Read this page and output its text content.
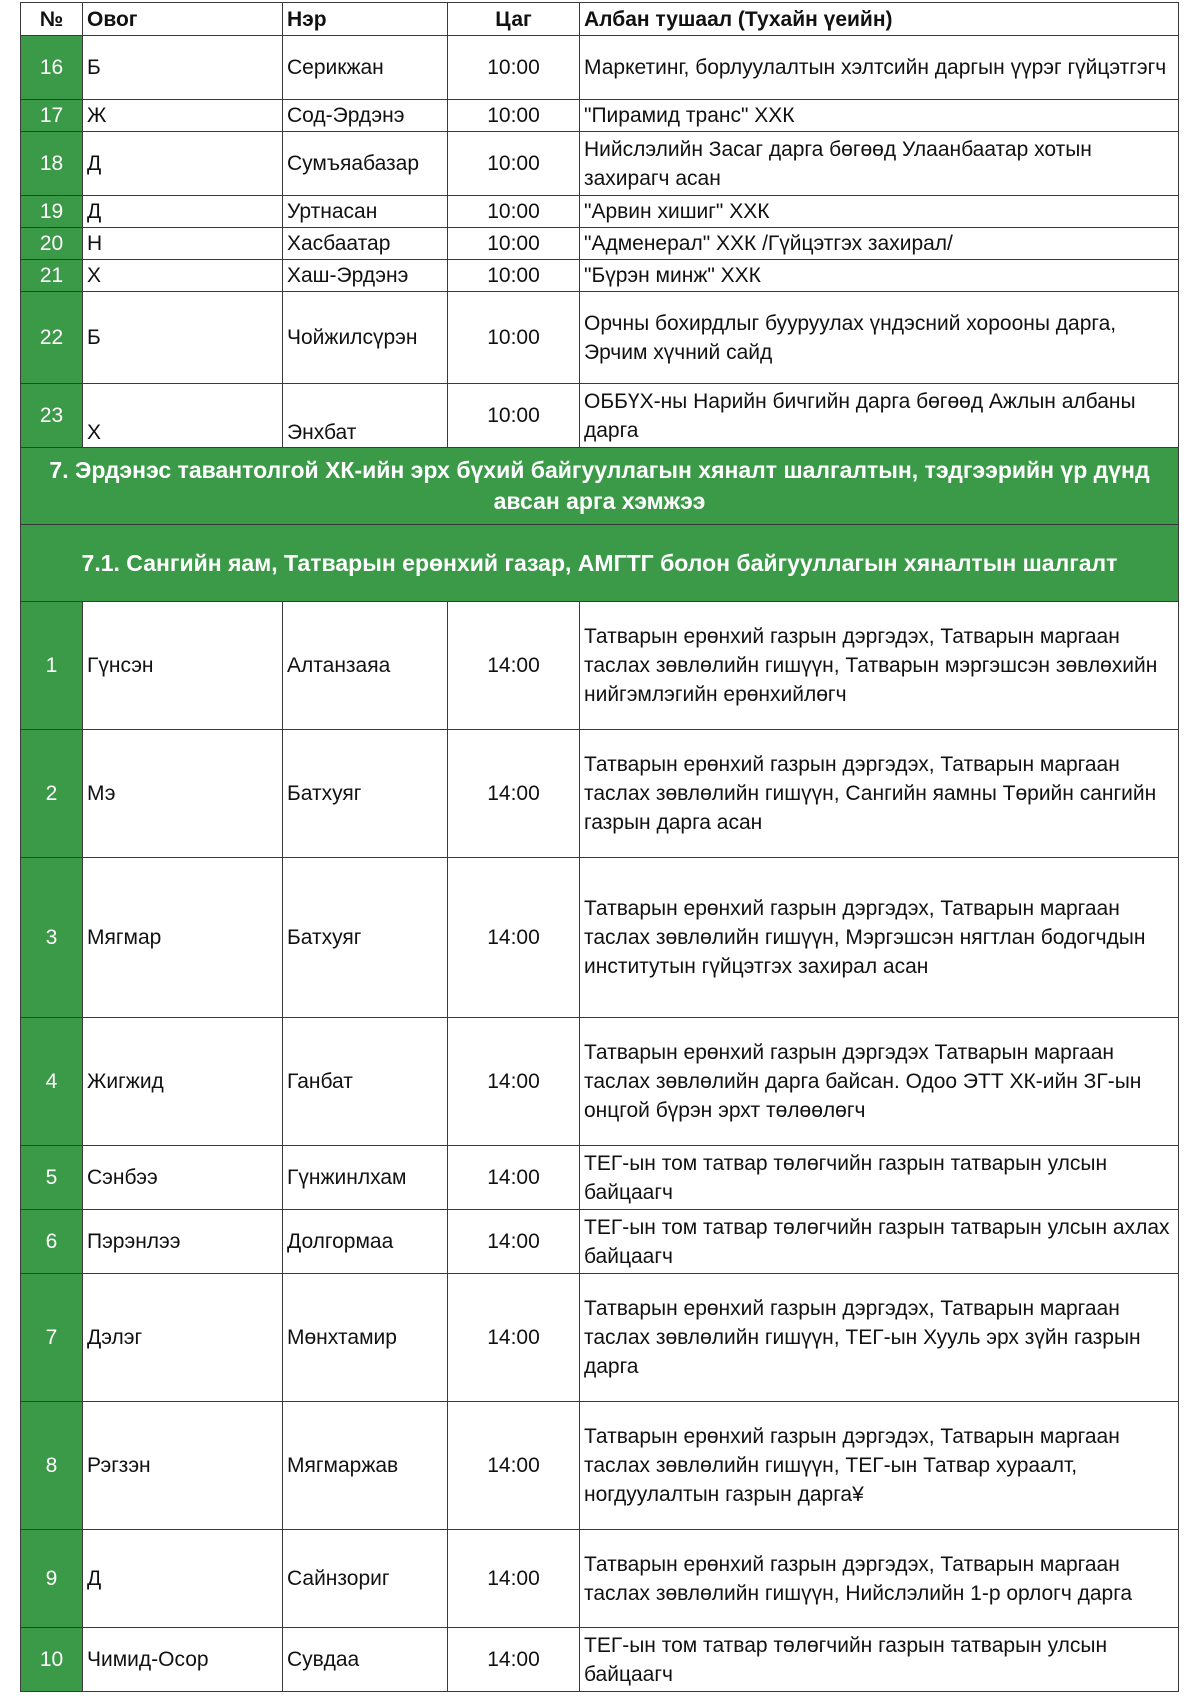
№	Овог	Нэр	Цаг	Албан тушаал (Тухайн үеийн)
16	Б	Серикжан	10:00	Маркетинг, борлуулалтын хэлтсийн даргын үүрэг гүйцэтгэгч
17	Ж	Сод-Эрдэнэ	10:00	"Пирамид транс" ХХК
18	Д	Сумъяабазар	10:00	Нийслэлийн Засаг дарга бөгөөд Улаанбаатар хотын захирагч асан
19	Д	Уртнасан	10:00	"Арвин хишиг" ХХК
20	Н	Хасбаатар	10:00	"Адменерал" ХХК /Гүйцэтгэх захирал/
21	Х	Хаш-Эрдэнэ	10:00	"Бүрэн минж" ХХК
22	Б	Чойжилсүрэн	10:00	Орчны бохирдлыг бууруулах үндэсний хорооны дарга, Эрчим хүчний сайд
23	Х	Энхбат	10:00	ОББҮХ-ны Нарийн бичгийн дарга бөгөөд Ажлын албаны дарга
7. Эрдэнэс тавантолгой ХК-ийн эрх бүхий байгууллагын хяналт шалгалтын, тэдгээрийн үр дүнд авсан арга хэмжээ				
7.1. Сангийн яам, Татварын ерөнхий газар, АМГТГ болон байгууллагын хяналтын шалгалт				
1	Гүнсэн	Алтанзаяа	14:00	Татварын ерөнхий газрын дэргэдэх, Татварын маргаан таслах зөвлөлийн гишүүн, Татварын мэргэшсэн зөвлөхийн нийгэмлэгийн ерөнхийлөгч
2	Мэ	Батхуяг	14:00	Татварын ерөнхий газрын дэргэдэх, Татварын маргаан таслах зөвлөлийн гишүүн, Сангийн яамны Төрийн сангийн газрын дарга асан
3	Мягмар	Батхуяг	14:00	Татварын ерөнхий газрын дэргэдэх, Татварын маргаан таслах зөвлөлийн гишүүн, Мэргэшсэн нягтлан бодогчдын институтын гүйцэтгэх захирал асан
4	Жигжид	Ганбат	14:00	Татварын ерөнхий газрын дэргэдэх Татварын маргаан таслах зөвлөлийн дарга байсан. Одоо ЭТТ ХК-ийн ЗГ-ын онцгой бүрэн эрхт төлөөлөгч
5	Сэнбээ	Гүнжинлхам	14:00	ТЕГ-ын том татвар төлөгчийн газрын татварын улсын байцаагч
6	Пэрэнлээ	Долгормаа	14:00	ТЕГ-ын том татвар төлөгчийн газрын татварын улсын ахлах байцаагч
7	Дэлэг	Мөнхтамир	14:00	Татварын ерөнхий газрын дэргэдэх, Татварын маргаан таслах зөвлөлийн гишүүн, ТЕГ-ын Хууль эрх зүйн газрын дарга
8	Рэгзэн	Мягмаржав	14:00	Татварын ерөнхий газрын дэргэдэх, Татварын маргаан таслах зөвлөлийн гишүүн, ТЕГ-ын Татвар хураалт, ногдуулалтын газрын дарга¥
9	Д	Сайнзориг	14:00	Татварын ерөнхий газрын дэргэдэх, Татварын маргаан таслах зөвлөлийн гишүүн, Нийслэлийн 1-р орлогч дарга
10	Чимид-Осор	Сувдаа	14:00	ТЕГ-ын том татвар төлөгчийн газрын татварын улсын байцаагч
